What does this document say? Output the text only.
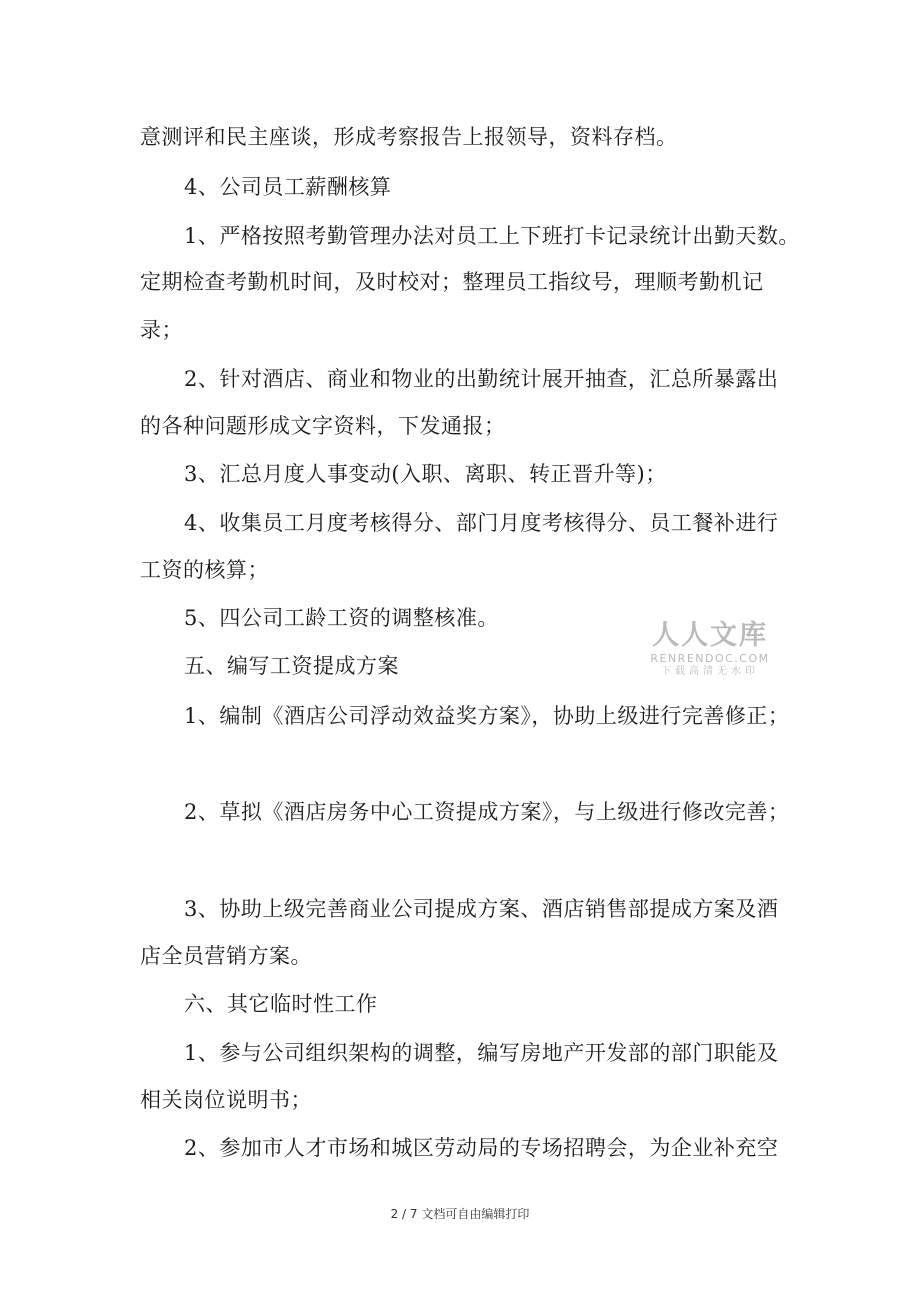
意测评和民主座谈，形成考察报告上报领导，资料存档。
4、公司员工薪酬核算
1、严格按照考勤管理办法对员工上下班打卡记录统计出勤天数。
定期检查考勤机时间，及时校对；整理员工指纹号，理顺考勤机记
录；
2、针对酒店、商业和物业的出勤统计展开抽查，汇总所暴露出
的各种问题形成文字资料，下发通报；
3、汇总月度人事变动(入职、离职、转正晋升等)；
4、收集员工月度考核得分、部门月度考核得分、员工餐补进行
工资的核算；
5、四公司工龄工资的调整核准。
五、编写工资提成方案
1、编制《酒店公司浮动效益奖方案》，协助上级进行完善修正；
2、草拟《酒店房务中心工资提成方案》，与上级进行修改完善；
3、协助上级完善商业公司提成方案、酒店销售部提成方案及酒
店全员营销方案。
六、其它临时性工作
1、参与公司组织架构的调整，编写房地产开发部的部门职能及
相关岗位说明书；
2、参加市人才市场和城区劳动局的专场招聘会，为企业补充空
人人文库
RENRENDOC.COM
下载高清无水印
2 / 7 文档可自由编辑打印
